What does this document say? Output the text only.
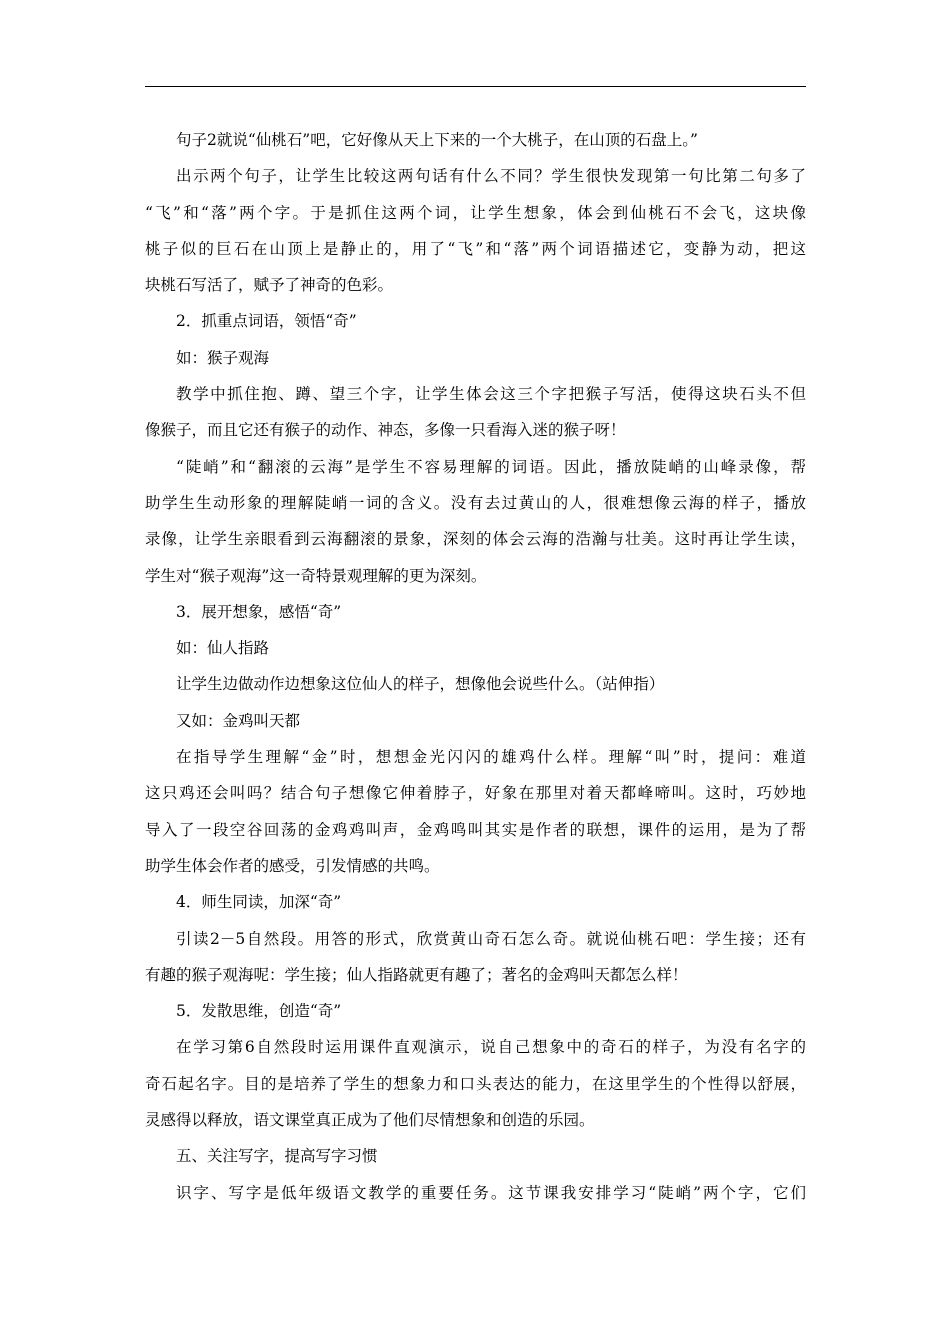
句子2就说“仙桃石”吧，它好像从天上下来的一个大桃子，在山顶的石盘上。”
出示两个句子，让学生比较这两句话有什么不同？学生很快发现第一句比第二句多了
“飞”和“落”两个字。于是抓住这两个词，让学生想象，体会到仙桃石不会飞，这块像
桃子似的巨石在山顶上是静止的，用了“飞”和“落”两个词语描述它，变静为动，把这
块桃石写活了，赋予了神奇的色彩。
2．抓重点词语，领悟“奇”
如：猴子观海
教学中抓住抱、蹲、望三个字，让学生体会这三个字把猴子写活，使得这块石头不但
像猴子，而且它还有猴子的动作、神态，多像一只看海入迷的猴子呀！
“陡峭”和“翻滚的云海”是学生不容易理解的词语。因此，播放陡峭的山峰录像，帮
助学生生动形象的理解陡峭一词的含义。没有去过黄山的人，很难想像云海的样子，播放
录像，让学生亲眼看到云海翻滚的景象，深刻的体会云海的浩瀚与壮美。这时再让学生读，
学生对“猴子观海”这一奇特景观理解的更为深刻。
3．展开想象，感悟“奇”
如：仙人指路
让学生边做动作边想象这位仙人的样子，想像他会说些什么。（站伸指）
又如：金鸡叫天都
在指导学生理解“金”时，想想金光闪闪的雄鸡什么样。理解“叫”时，提问：难道
这只鸡还会叫吗？结合句子想像它伸着脖子，好象在那里对着天都峰啼叫。这时，巧妙地
导入了一段空谷回荡的金鸡鸡叫声，金鸡鸣叫其实是作者的联想，课件的运用，是为了帮
助学生体会作者的感受，引发情感的共鸣。
4．师生同读，加深“奇”
引读2－5自然段。用答的形式，欣赏黄山奇石怎么奇。就说仙桃石吧：学生接；还有
有趣的猴子观海呢：学生接；仙人指路就更有趣了；著名的金鸡叫天都怎么样！
5．发散思维，创造“奇”
在学习第6自然段时运用课件直观演示，说自己想象中的奇石的样子，为没有名字的
奇石起名字。目的是培养了学生的想象力和口头表达的能力，在这里学生的个性得以舒展，
灵感得以释放，语文课堂真正成为了他们尽情想象和创造的乐园。
五、关注写字，提高写字习惯
识字、写字是低年级语文教学的重要任务。这节课我安排学习“陡峭”两个字，它们
